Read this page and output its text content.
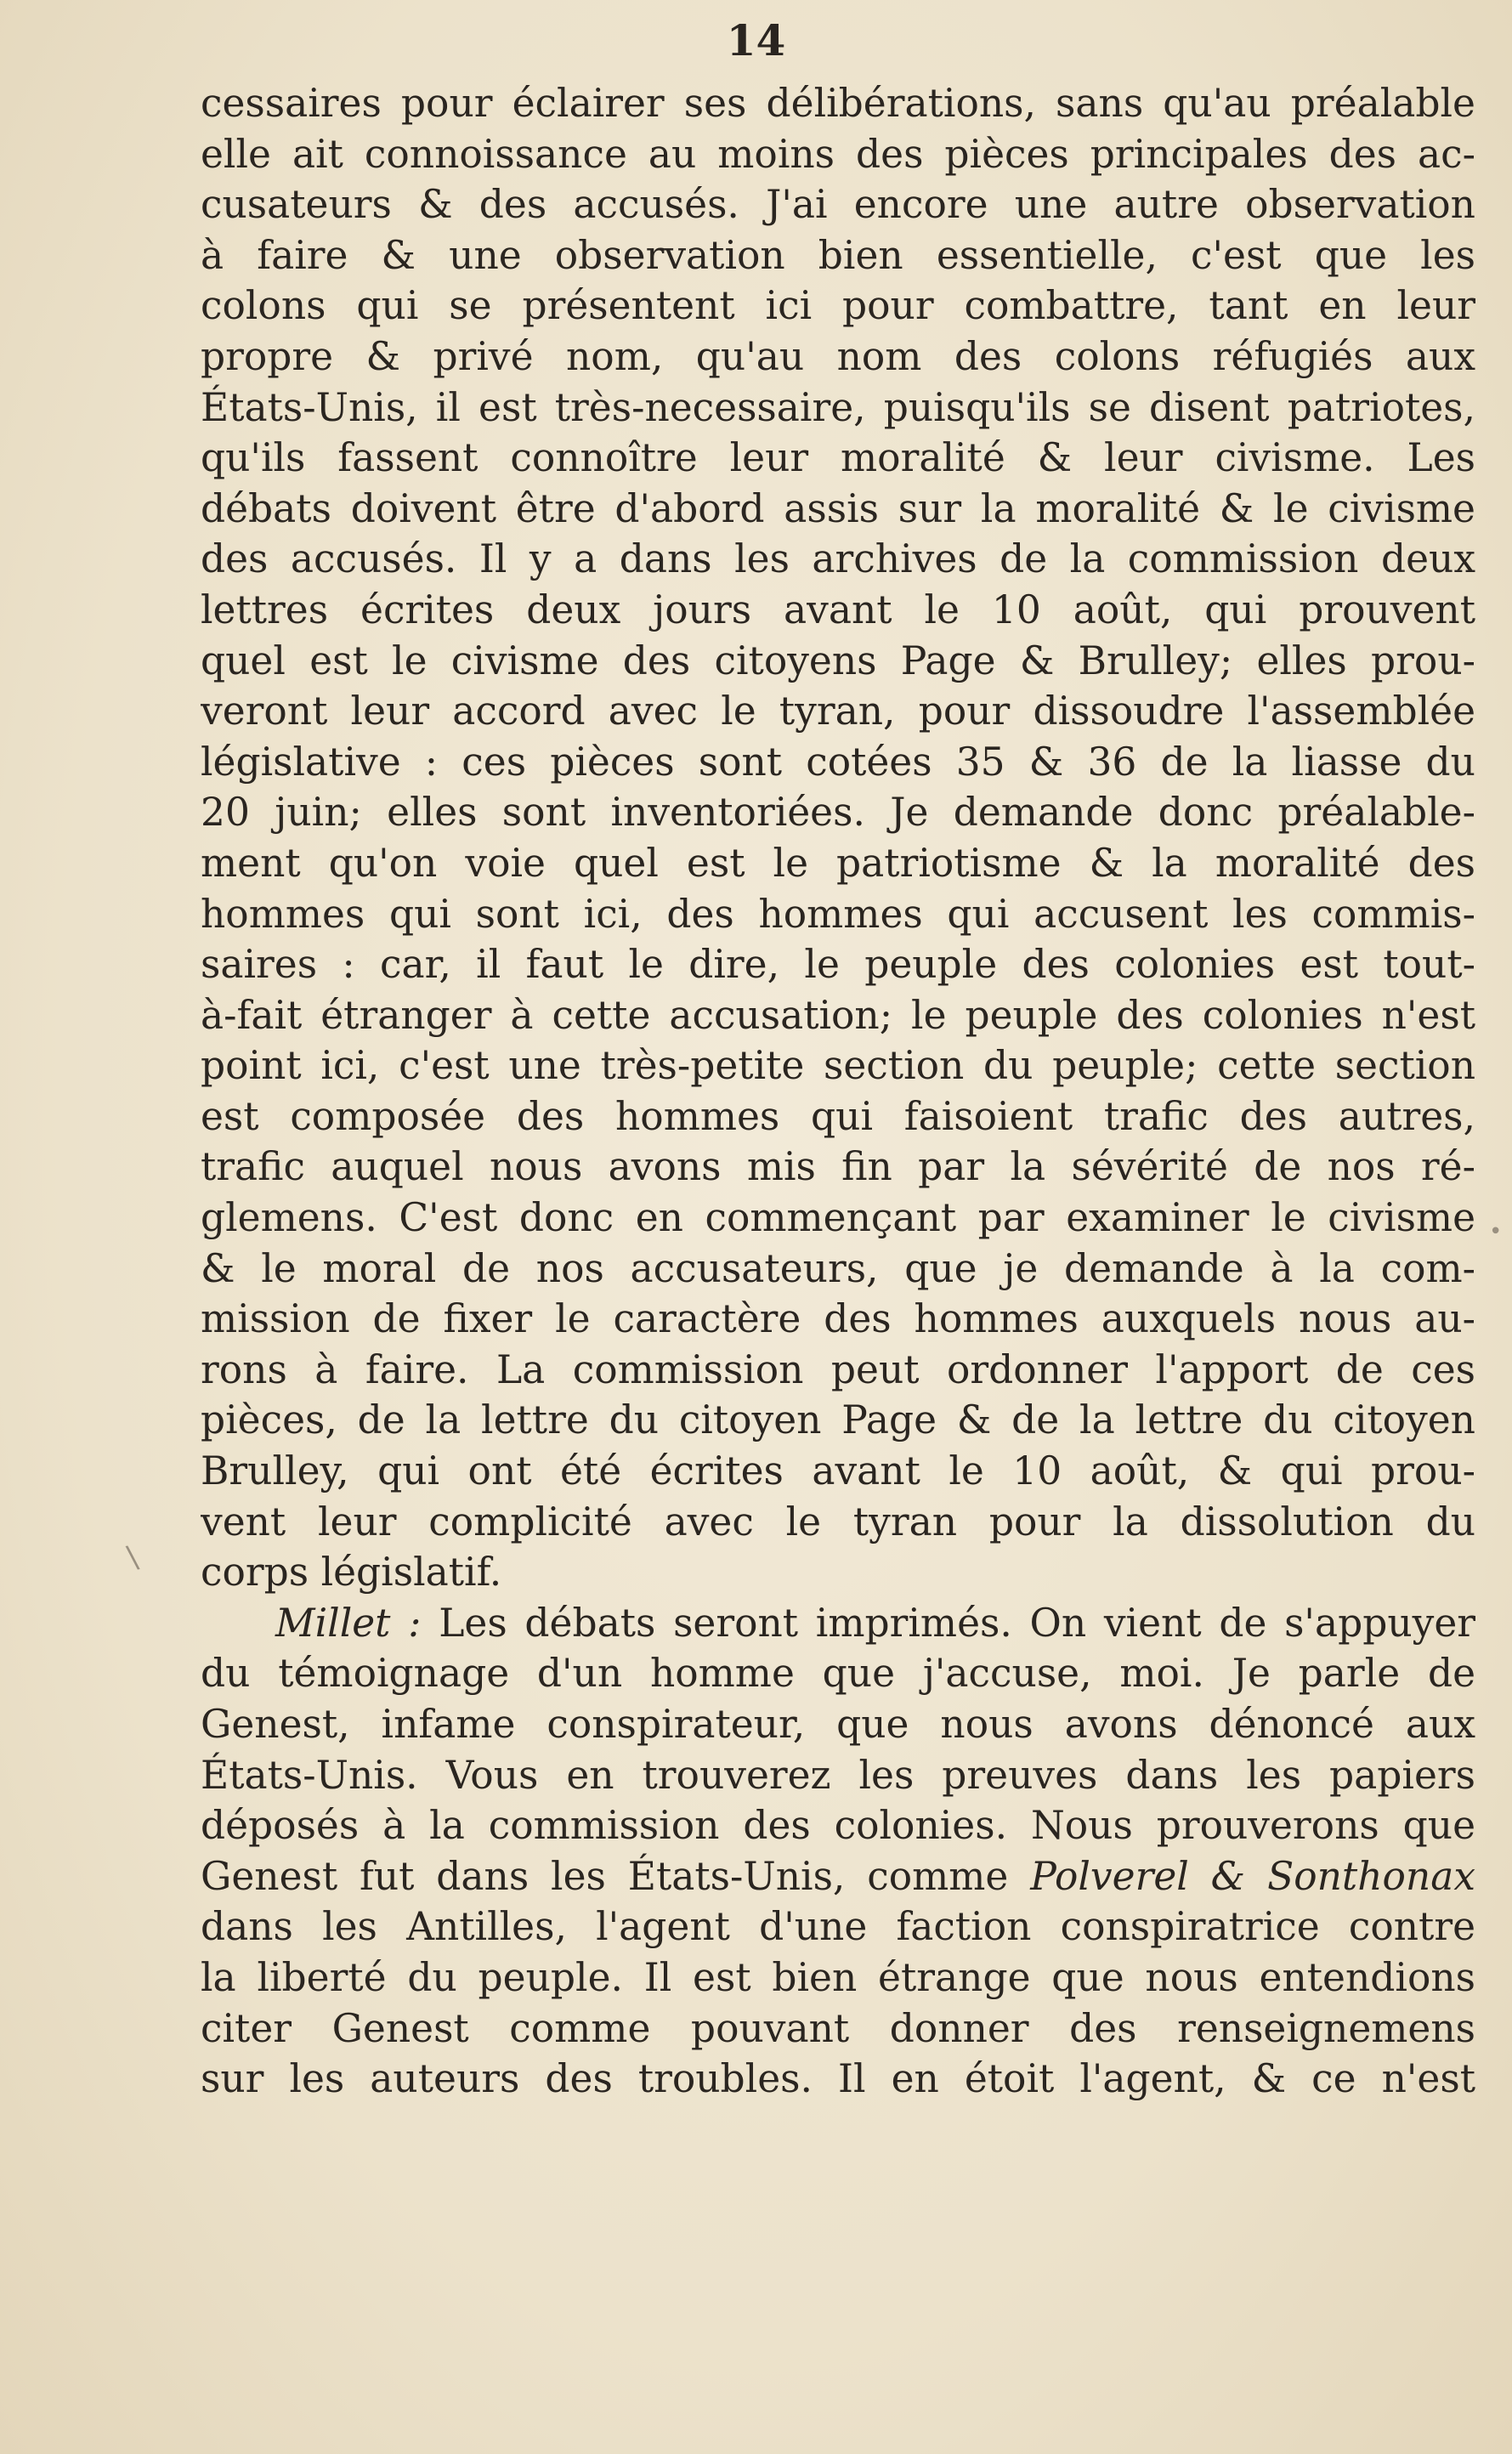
14
\
•
cessaires pour éclairer ses délibérations, sans qu'au préalable
elle ait connoissance au moins des pièces principales des ac-
cusateurs & des accusés. J'ai encore une autre observation
à faire & une observation bien essentielle, c'est que les
colons qui se présentent ici pour combattre, tant en leur
propre & privé nom, qu'au nom des colons réfugiés aux
États-Unis, il est très-necessaire, puisqu'ils se disent patriotes,
qu'ils fassent connoître leur moralité & leur civisme. Les
débats doivent être d'abord assis sur la moralité & le civisme
des accusés. Il y a dans les archives de la commission deux
lettres écrites deux jours avant le 10 août, qui prouvent
quel est le civisme des citoyens Page & Brulley; elles prou-
veront leur accord avec le tyran, pour dissoudre l'assemblée
législative : ces pièces sont cotées 35 & 36 de la liasse du
20 juin; elles sont inventoriées. Je demande donc préalable-
ment qu'on voie quel est le patriotisme & la moralité des
hommes qui sont ici, des hommes qui accusent les commis-
saires : car, il faut le dire, le peuple des colonies est tout-
à-fait étranger à cette accusation; le peuple des colonies n'est
point ici, c'est une très-petite section du peuple; cette section
est composée des hommes qui faisoient trafic des autres,
trafic auquel nous avons mis fin par la sévérité de nos ré-
glemens. C'est donc en commençant par examiner le civisme
& le moral de nos accusateurs, que je demande à la com-
mission de fixer le caractère des hommes auxquels nous au-
rons à faire. La commission peut ordonner l'apport de ces
pièces, de la lettre du citoyen Page & de la lettre du citoyen
Brulley, qui ont été écrites avant le 10 août, & qui prou-
vent leur complicité avec le tyran pour la dissolution du
corps législatif.
Millet : Les débats seront imprimés. On vient de s'appuyer
du témoignage d'un homme que j'accuse, moi. Je parle de
Genest, infame conspirateur, que nous avons dénoncé aux
États-Unis. Vous en trouverez les preuves dans les papiers
déposés à la commission des colonies. Nous prouverons que
Genest fut dans les États-Unis, comme Polverel & Sonthonax
dans les Antilles, l'agent d'une faction conspiratrice contre
la liberté du peuple. Il est bien étrange que nous entendions
citer Genest comme pouvant donner des renseignemens
sur les auteurs des troubles. Il en étoit l'agent, & ce n'est
